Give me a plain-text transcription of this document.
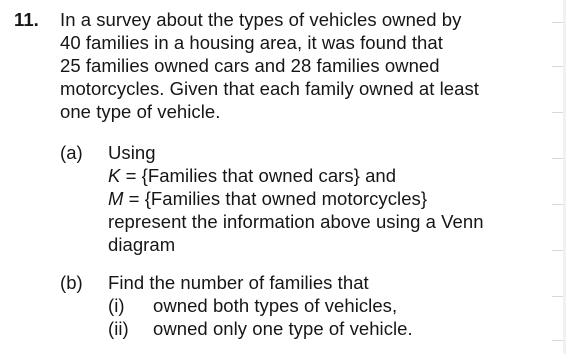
11. In a survey about the types of vehicles owned by
40 families in a housing area, it was found that
25 families owned cars and 28 families owned
motorcycles. Given that each family owned at least
one type of vehicle.
(a) Using
K = {Families that owned cars} and
M = {Families that owned motorcycles}
represent the information above using a Venn
diagram
(b) Find the number of families that
(i) owned both types of vehicles,
(ii) owned only one type of vehicle.
